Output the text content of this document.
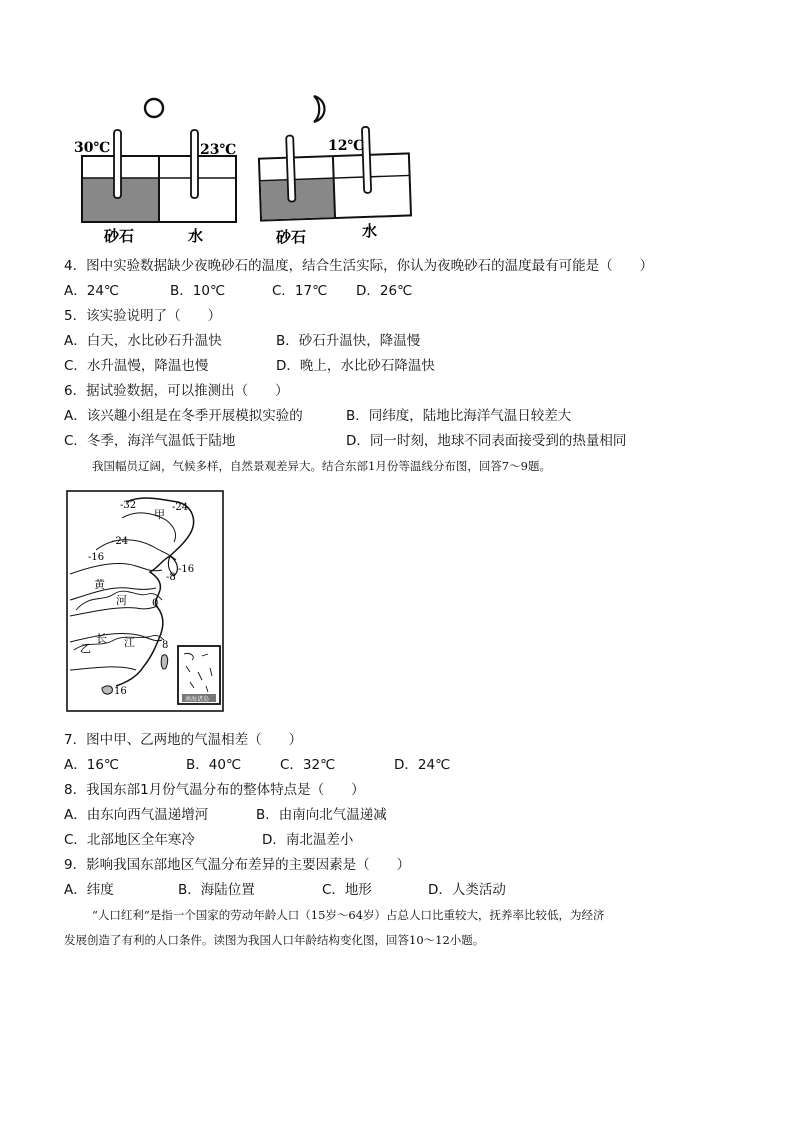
30℃	23℃
砂石	水
12℃
砂石	水
4．图中实验数据缺少夜晚砂石的温度，结合生活实际，你认为夜晚砂石的温度最有可能是（　　）
A．24℃	B．10℃	C．17℃ D．26℃
5．该实验说明了（　　）
A．白天，水比砂石升温快	B．砂石升温快，降温慢
C．水升温慢，降温也慢	D．晚上，水比砂石降温快
6．据试验数据，可以推测出（　　）
A．该兴趣小组是在冬季开展模拟实验的	B．同纬度，陆地比海洋气温日较差大
C．冬季，海洋气温低于陆地	D．同一时刻，地球不同表面接受到的热量相同
我国幅员辽阔，气候多样，自然景观差异大。结合东部1月份等温线分布图，回答7～9题。
-32	-24
-24
-16
-16
-8
0
8
16
甲
乙
黄
河
长 江
南海诸岛
7．图中甲、乙两地的气温相差（　　）
A．16℃	B．40℃	C．32℃	D．24℃
8．我国东部1月份气温分布的整体特点是（　　）
A．由东向西气温递增河	B．由南向北气温递减
C．北部地区全年寒冷	D．南北温差小
9．影响我国东部地区气温分布差异的主要因素是（　　）
A．纬度	B．海陆位置	C．地形	D．人类活动
“人口红利”是指一个国家的劳动年龄人口（15岁～64岁）占总人口比重较大，抚养率比较低，为经济
发展创造了有利的人口条件。读图为我国人口年龄结构变化图，回答10～12小题。
